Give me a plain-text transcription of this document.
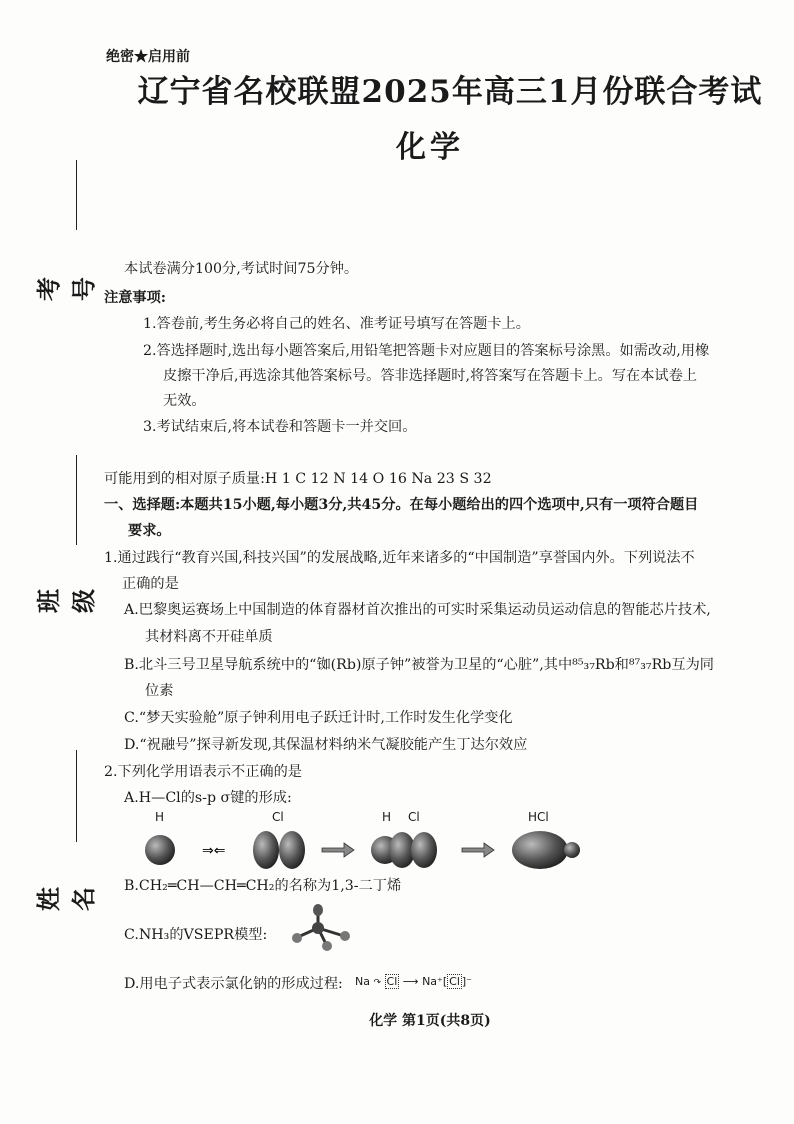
绝密★启用前
辽宁省名校联盟2025年高三1月份联合考试
化学
考号
班级
姓名
本试卷满分100分,考试时间75分钟。
注意事项:
1.答卷前,考生务必将自己的姓名、准考证号填写在答题卡上。
2.答选择题时,选出每小题答案后,用铅笔把答题卡对应题目的答案标号涂黑。如需改动,用橡
皮擦干净后,再选涂其他答案标号。答非选择题时,将答案写在答题卡上。写在本试卷上
无效。
3.考试结束后,将本试卷和答题卡一并交回。
可能用到的相对原子质量:H 1 C 12 N 14 O 16 Na 23 S 32
一、选择题:本题共15小题,每小题3分,共45分。在每小题给出的四个选项中,只有一项符合题目
要求。
1.通过践行“教育兴国,科技兴国”的发展战略,近年来诸多的“中国制造”享誉国内外。下列说法不
正确的是
A.巴黎奥运赛场上中国制造的体育器材首次推出的可实时采集运动员运动信息的智能芯片技术,
其材料离不开硅单质
B.北斗三号卫星导航系统中的“铷(Rb)原子钟”被誉为卫星的“心脏”,其中⁸⁵₃₇Rb和⁸⁷₃₇Rb互为同
位素
C.“梦天实验舱”原子钟利用电子跃迁计时,工作时发生化学变化
D.“祝融号”探寻新发现,其保温材料纳米气凝胶能产生丁达尔效应
2.下列化学用语表示不正确的是
A.H—Cl的s-p σ键的形成:
⇒⇐
H	Cl	H Cl	HCl
B.CH₂═CH—CH═CH₂的名称为1,3-二丁烯
C.NH₃的VSEPR模型:
D.用电子式表示氯化钠的形成过程:	Na ↷ Cl ⟶ Na⁺[ Cl ]⁻
化学 第1页(共8页)
